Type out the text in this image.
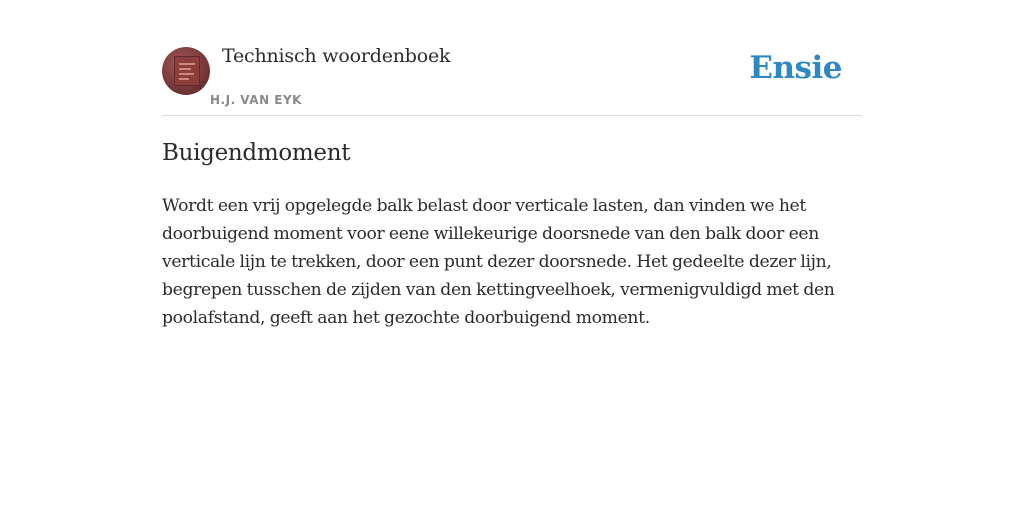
Technisch woordenboek
H.J. VAN EYK
Ensie
Buigendmoment

Wordt een vrij opgelegde balk belast door verticale lasten, dan vinden we het doorbuigend moment voor eene willekeurige doorsnede van den balk door een verticale lijn te trekken, door een punt dezer doorsnede. Het gedeelte dezer lijn, begrepen tusschen de zijden van den kettingveelhoek, vermenigvuldigd met den poolafstand, geeft aan het gezochte doorbuigend moment.
